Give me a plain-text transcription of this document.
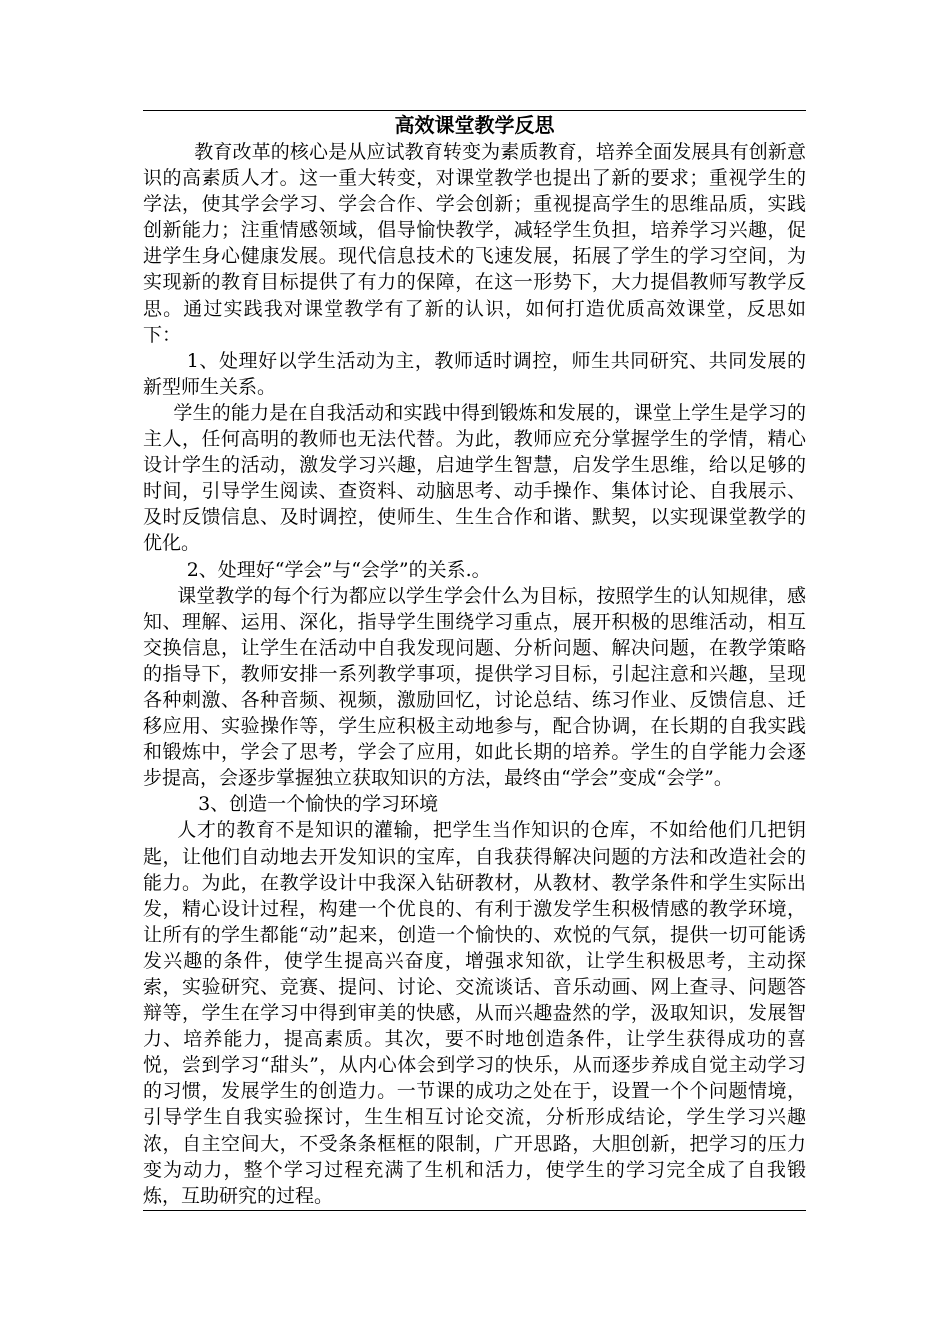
高效课堂教学反思

教育改革的核心是从应试教育转变为素质教育，培养全面发展具有创新意识的高素质人才。这一重大转变，对课堂教学也提出了新的要求；重视学生的学法，使其学会学习、学会合作、学会创新；重视提高学生的思维品质，实践创新能力；注重情感领域，倡导愉快教学，减轻学生负担，培养学习兴趣，促进学生身心健康发展。现代信息技术的飞速发展，拓展了学生的学习空间，为实现新的教育目标提供了有力的保障，在这一形势下，大力提倡教师写教学反思。通过实践我对课堂教学有了新的认识，如何打造优质高效课堂，反思如下：

1、处理好以学生活动为主，教师适时调控，师生共同研究、共同发展的新型师生关系。

学生的能力是在自我活动和实践中得到锻炼和发展的，课堂上学生是学习的主人，任何高明的教师也无法代替。为此，教师应充分掌握学生的学情，精心设计学生的活动，激发学习兴趣，启迪学生智慧，启发学生思维，给以足够的时间，引导学生阅读、查资料、动脑思考、动手操作、集体讨论、自我展示、及时反馈信息、及时调控，使师生、生生合作和谐、默契，以实现课堂教学的优化。

2、处理好“学会”与“会学”的关系.。

课堂教学的每个行为都应以学生学会什么为目标，按照学生的认知规律，感知、理解、运用、深化，指导学生围绕学习重点，展开积极的思维活动，相互交换信息，让学生在活动中自我发现问题、分析问题、解决问题，在教学策略的指导下，教师安排一系列教学事项，提供学习目标，引起注意和兴趣，呈现各种刺激、各种音频、视频，激励回忆，讨论总结、练习作业、反馈信息、迁移应用、实验操作等，学生应积极主动地参与，配合协调，在长期的自我实践和锻炼中，学会了思考，学会了应用，如此长期的培养。学生的自学能力会逐步提高，会逐步掌握独立获取知识的方法，最终由“学会”变成“会学”。

3、创造一个愉快的学习环境

人才的教育不是知识的灌输，把学生当作知识的仓库，不如给他们几把钥匙，让他们自动地去开发知识的宝库，自我获得解决问题的方法和改造社会的能力。为此，在教学设计中我深入钻研教材，从教材、教学条件和学生实际出发，精心设计过程，构建一个优良的、有利于激发学生积极情感的教学环境，让所有的学生都能“动”起来，创造一个愉快的、欢悦的气氛，提供一切可能诱发兴趣的条件，使学生提高兴奋度，增强求知欲，让学生积极思考，主动探索，实验研究、竞赛、提问、讨论、交流谈话、音乐动画、网上查寻、问题答辩等，学生在学习中得到审美的快感，从而兴趣盎然的学，汲取知识，发展智力、培养能力，提高素质。其次，要不时地创造条件，让学生获得成功的喜悦，尝到学习“甜头”，从内心体会到学习的快乐，从而逐步养成自觉主动学习的习惯，发展学生的创造力。一节课的成功之处在于，设置一个个问题情境，引导学生自我实验探讨，生生相互讨论交流，分析形成结论，学生学习兴趣浓，自主空间大，不受条条框框的限制，广开思路，大胆创新，把学习的压力变为动力，整个学习过程充满了生机和活力，使学生的学习完全成了自我锻炼，互助研究的过程。
